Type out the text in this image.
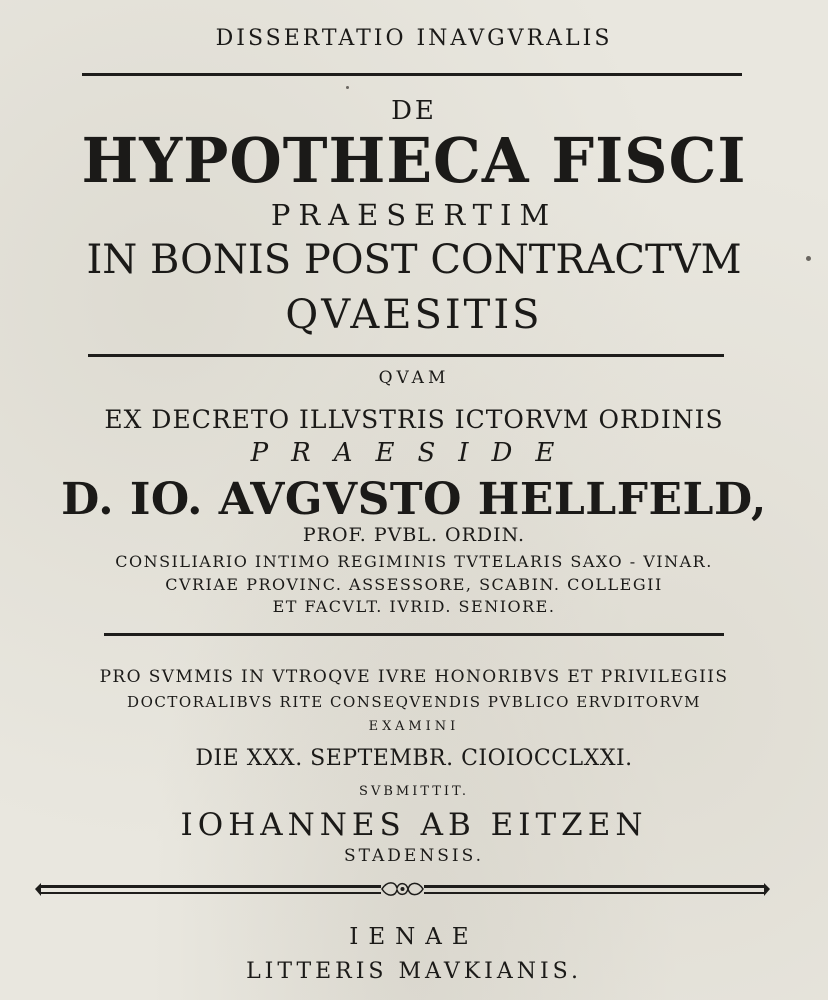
DISSERTATIO INAVGVRALIS
DE
HYPOTHECA FISCI
PRAESERTIM
IN BONIS POST CONTRACTVM
QVAESITIS
QVAM
EX DECRETO ILLVSTRIS ICTORVM ORDINIS
PRAESIDE
D. IO. AVGVSTO HELLFELD,
PROF. PVBL. ORDIN.
CONSILIARIO INTIMO REGIMINIS TVTELARIS SAXO - VINAR.
CVRIAE PROVINC. ASSESSORE, SCABIN. COLLEGII
ET FACVLT. IVRID. SENIORE.
PRO SVMMIS IN VTROQVE IVRE HONORIBVS ET PRIVILEGIIS
DOCTORALIBVS RITE CONSEQVENDIS PVBLICO ERVDITORVM
EXAMINI
DIE XXX. SEPTEMBR. CIOIOCCLXXI.
SVBMITTIT.
IOHANNES AB EITZEN
STADENSIS.
IENAE
LITTERIS MAVKIANIS.
